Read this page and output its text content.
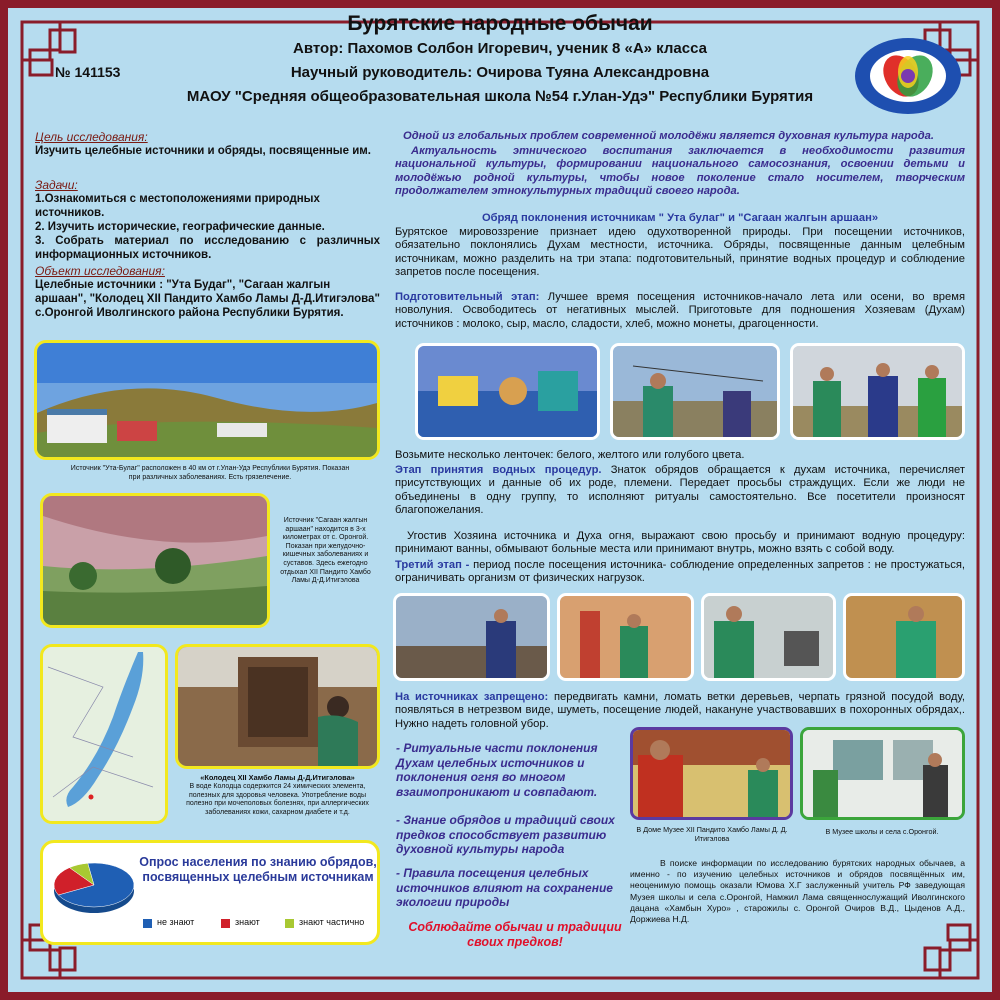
Бурятские народные обычаи
Автор: Пахомов Солбон Игоревич, ученик 8 «А» класса
Научный руководитель: Очирова Туяна Александровна
МАОУ "Средняя общеобразовательная школа №54 г.Улан-Удэ" Республики Бурятия
№ 141153
Цель исследования:
Изучить целебные источники и обряды, посвященные им.
Задачи:
1.Ознакомиться с местоположениями природных источников.
2. Изучить исторические, географические данные.
3. Собрать материал по исследованию с различных информационных источников.
Объект исследования:
Целебные источники : "Ута Будаг", "Сагаан жалгын аршаан", "Колодец XII Пандито Хамбо Ламы Д-Д.Итигэлова" с.Оронгой Иволгинского района Республики Бурятия.
Источник "Ута-Булаг" расположен в 40 км от г.Улан-Удэ Республики Бурятия. Показан при различных заболеваниях. Есть грязелечение.
Источник "Сагаан жалгын аршаан" находится в 3-х километрах от с. Оронгой. Показан при желудочно-кишечных заболеваниях и суставов. Здесь ежегодно отдыхал XII Пандито Хамбо Ламы Д-Д.Итигэлова
«Колодец XII Хамбо Ламы Д-Д.Итигэлова»
В воде Колодца содержится 24 химических элемента, полезных для здоровья человека. Употребление воды полезно при мочеполовых болезнях, при аллергических заболеваниях кожи, сахарном диабете и т.д.
Опрос населения по знанию обрядов, посвященных целебным источникам
не знают	знают	знают частично
Одной из глобальных проблем современной молодёжи является духовная культура народа.
Актуальность этнического воспитания заключается в необходимости развития национальной культуры, формировании национального самосознания, освоении детьми и молодёжью родной культуры, чтобы новое поколение стало носителем, творческим продолжателем этнокультурных традиций своего народа.
Обряд поклонения источникам " Ута булаг" и "Сагаан жалгын аршаан»
Бурятское мировоззрение признает идею одухотворенной природы. При посещении источников, обязательно поклонялись Духам местности, источника. Обряды, посвященные данным целебным источникам, можно разделить на три этапа: подготовительный, принятие водных процедур и соблюдение запретов после посещения.
Подготовительный этап: Лучшее время посещения источников-начало лета или осени, во время новолуния. Освободитесь от негативных мыслей. Приготовьте для подношения Хозяевам (Духам) источников : молоко, сыр, масло, сладости, хлеб, можно монеты, драгоценности.
Возьмите несколько ленточек: белого, желтого или голубого цвета.
Этап принятия водных процедур. Знаток обрядов обращается к духам источника, перечисляет присутствующих и данные об их роде, племени. Передает просьбы страждущих. Если же люди не объединены в одну группу, то исполняют ритуалы самостоятельно. Все посетители произносят благопожелания.
Угостив Хозяина источника и Духа огня, выражают свою просьбу и принимают водную процедуру: принимают ванны, обмывают больные места или принимают внутрь, можно взять с собой воду.
Третий этап - период после посещения источника- соблюдение определенных запретов : не простужаться, ограничивать организм от физических нагрузок.
На источниках запрещено: передвигать камни, ломать ветки деревьев, черпать грязной посудой воду, появляться в нетрезвом виде, шуметь, посещение людей, накануне участвовавших в похоронных обрядах,. Нужно надеть головной убор.
- Ритуальные части поклонения Духам целебных источников и поклонения огня во многом взаимопроникают и совпадают.
- Знание обрядов и традиций своих предков способствует развитию духовной культуры народа
- Правила посещения целебных источников влияют на сохранение экологии природы
Соблюдайте обычаи и традиции своих предков!
В Доме Музее XII Пандито Хамбо Ламы Д. Д. Итигэлова
В Музее школы и села с.Оронгой.
В поиске информации по исследованию бурятских народных обычаев, а именно - по изучению целебных источников и обрядов посвящённых им, неоценимую помощь оказали Юмова Х.Г заслуженный учитель РФ заведующая Музея школы и села с.Оронгой, Намжил Лама священнослужащий Иволгинского дацана «Хамбын Хуро» , старожилы с. Оронгой Очиров В.Д., Цыденов А.Д., Доржиева Н.Д.
